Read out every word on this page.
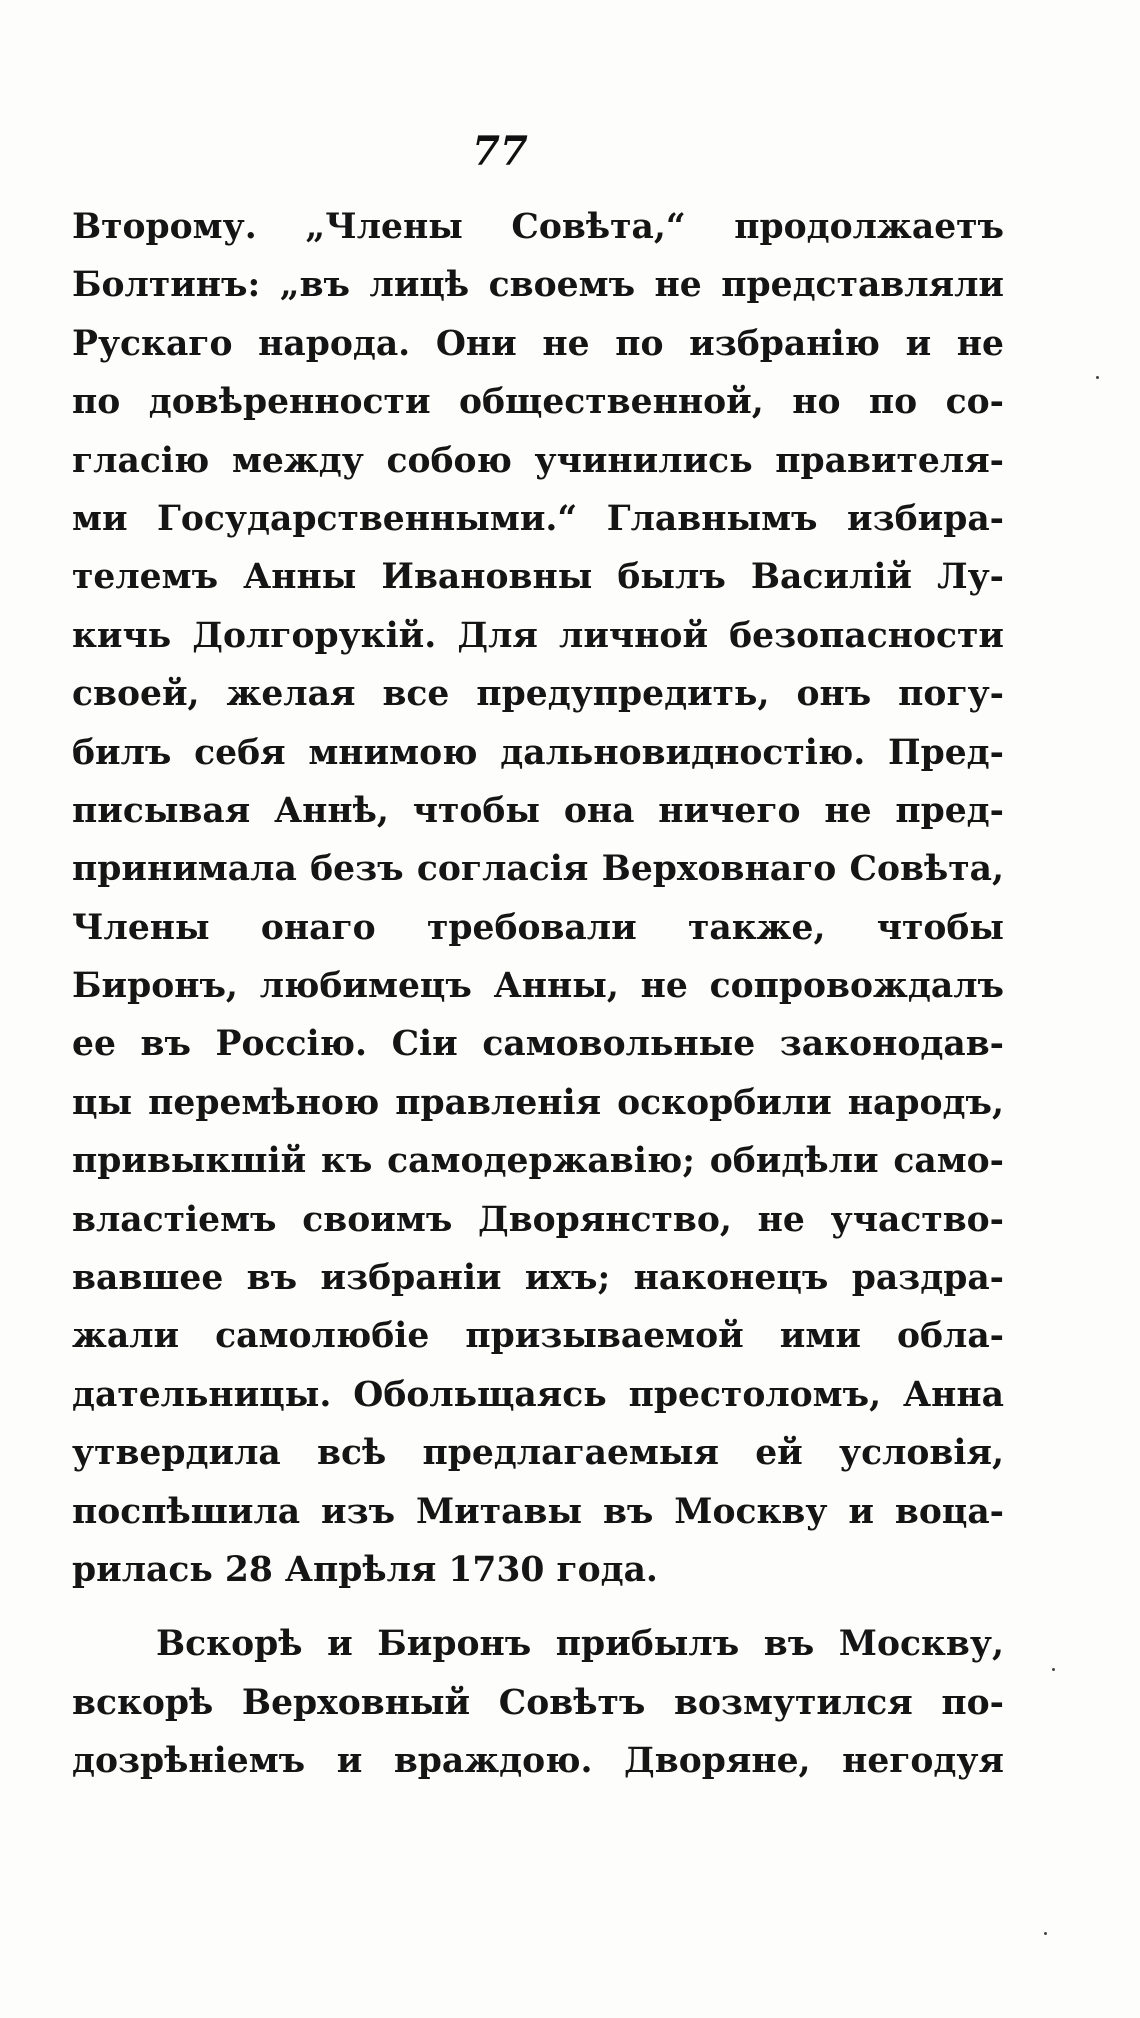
77
Второму. „Члены Совѣта,“ продолжаетъ
Болтинъ: „въ лицѣ своемъ не представляли
Рускаго народа. Они не по избранію и не
по довѣренности общественной, но по со-
гласію между собою учинились правителя-
ми Государственными.“ Главнымъ избира-
телемъ Анны Ивановны былъ Василій Лу-
кичь Долгорукій. Для личной безопасности
своей, желая все предупредить, онъ погу-
билъ себя мнимою дальновидностію. Пред-
писывая Аннѣ, чтобы она ничего не пред-
принимала безъ согласія Верховнаго Совѣта,
Члены онаго требовали также, чтобы
Биронъ, любимецъ Анны, не сопровождалъ
ее въ Россію. Сіи самовольные законодав-
цы перемѣною правленія оскорбили народъ,
привыкшій къ самодержавію; обидѣли само-
властіемъ своимъ Дворянство, не участво-
вавшее въ избраніи ихъ; наконецъ раздра-
жали самолюбіе призываемой ими обла-
дательницы. Обольщаясь престоломъ, Анна
утвердила всѣ предлагаемыя ей условія,
поспѣшила изъ Митавы въ Москву и воца-
рилась 28 Апрѣля 1730 года.
Вскорѣ и Биронъ прибылъ въ Москву,
вскорѣ Верховный Совѣтъ возмутился по-
дозрѣніемъ и враждою. Дворяне, негодуя
